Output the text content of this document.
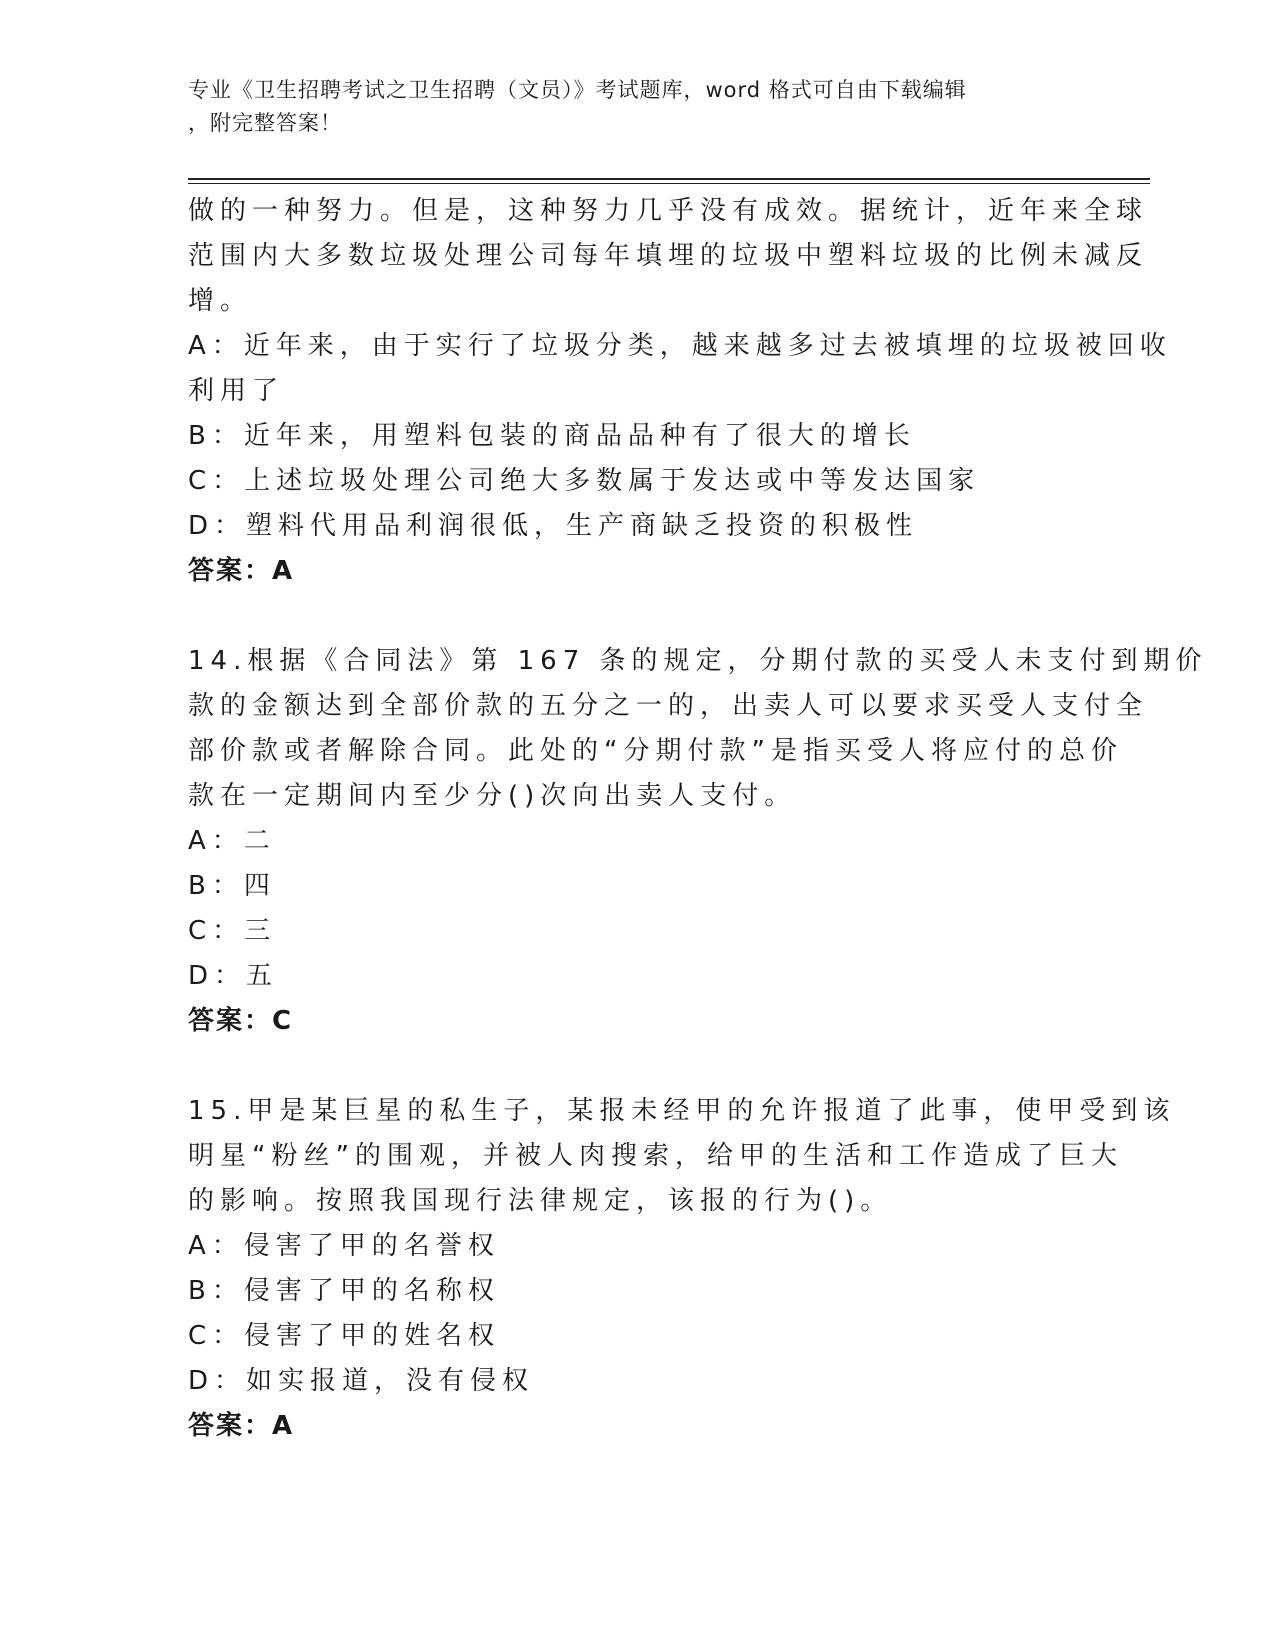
专业《卫生招聘考试之卫生招聘（文员）》考试题库，word 格式可自由下载编辑
，附完整答案！
做的一种努力。但是，这种努力几乎没有成效。据统计，近年来全球
范围内大多数垃圾处理公司每年填埋的垃圾中塑料垃圾的比例未减反
增。
A：近年来，由于实行了垃圾分类，越来越多过去被填埋的垃圾被回收
利用了
B：近年来，用塑料包装的商品品种有了很大的增长
C：上述垃圾处理公司绝大多数属于发达或中等发达国家
D：塑料代用品利润很低，生产商缺乏投资的积极性
答案：A
14.根据《合同法》第 167 条的规定，分期付款的买受人未支付到期价
款的金额达到全部价款的五分之一的，出卖人可以要求买受人支付全
部价款或者解除合同。此处的“分期付款”是指买受人将应付的总价
款在一定期间内至少分()次向出卖人支付。
A：二
B：四
C：三
D：五
答案：C
15.甲是某巨星的私生子，某报未经甲的允许报道了此事，使甲受到该
明星“粉丝”的围观，并被人肉搜索，给甲的生活和工作造成了巨大
的影响。按照我国现行法律规定，该报的行为()。
A：侵害了甲的名誉权
B：侵害了甲的名称权
C：侵害了甲的姓名权
D：如实报道，没有侵权
答案：A
